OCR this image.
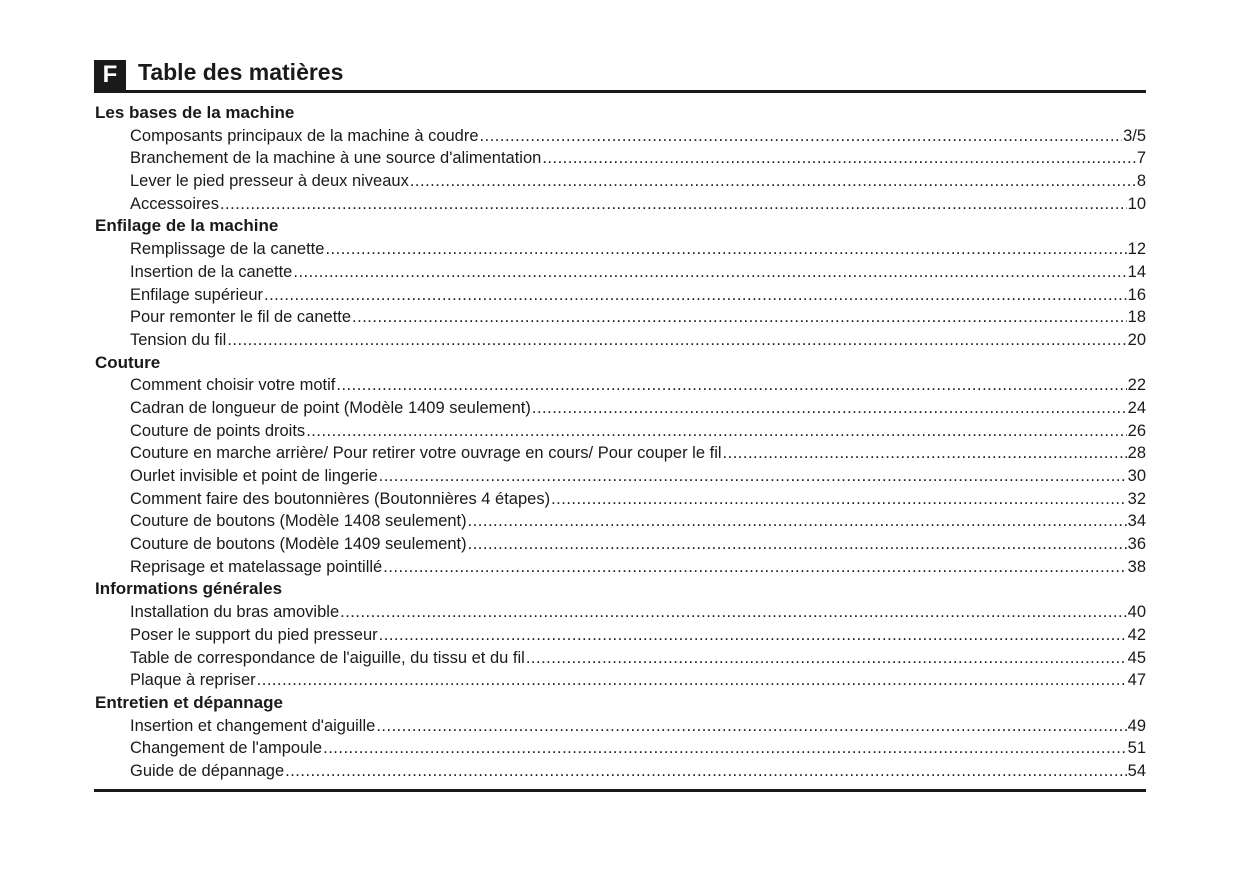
F Table des matières
Les bases de la machine
Composants principaux de la machine à coudre .....	3/5
Branchement de la machine à une source d'alimentation .....	7
Lever le pied presseur à deux niveaux .....	8
Accessoires .....	10
Enfilage de la machine
Remplissage de la canette .....	12
Insertion de la canette .....	14
Enfilage supérieur .....	16
Pour remonter le fil de canette .....	18
Tension du fil .....	20
Couture
Comment choisir votre motif .....	22
Cadran de longueur de point (Modèle 1409 seulement) .....	24
Couture de points droits .....	26
Couture en marche arrière/ Pour retirer votre ouvrage en cours/ Pour couper le fil .....	28
Ourlet invisible et point de lingerie .....	30
Comment faire des boutonnières (Boutonnières 4 étapes) .....	32
Couture de boutons (Modèle 1408 seulement) .....	34
Couture de boutons (Modèle 1409 seulement) .....	36
Reprisage et matelassage pointillé .....	38
Informations générales
Installation du bras amovible .....	40
Poser le support du pied presseur .....	42
Table de correspondance de l'aiguille, du tissu et du fil .....	45
Plaque à repriser .....	47
Entretien et dépannage
Insertion et changement d'aiguille .....	49
Changement de l'ampoule .....	51
Guide de dépannage .....	54
